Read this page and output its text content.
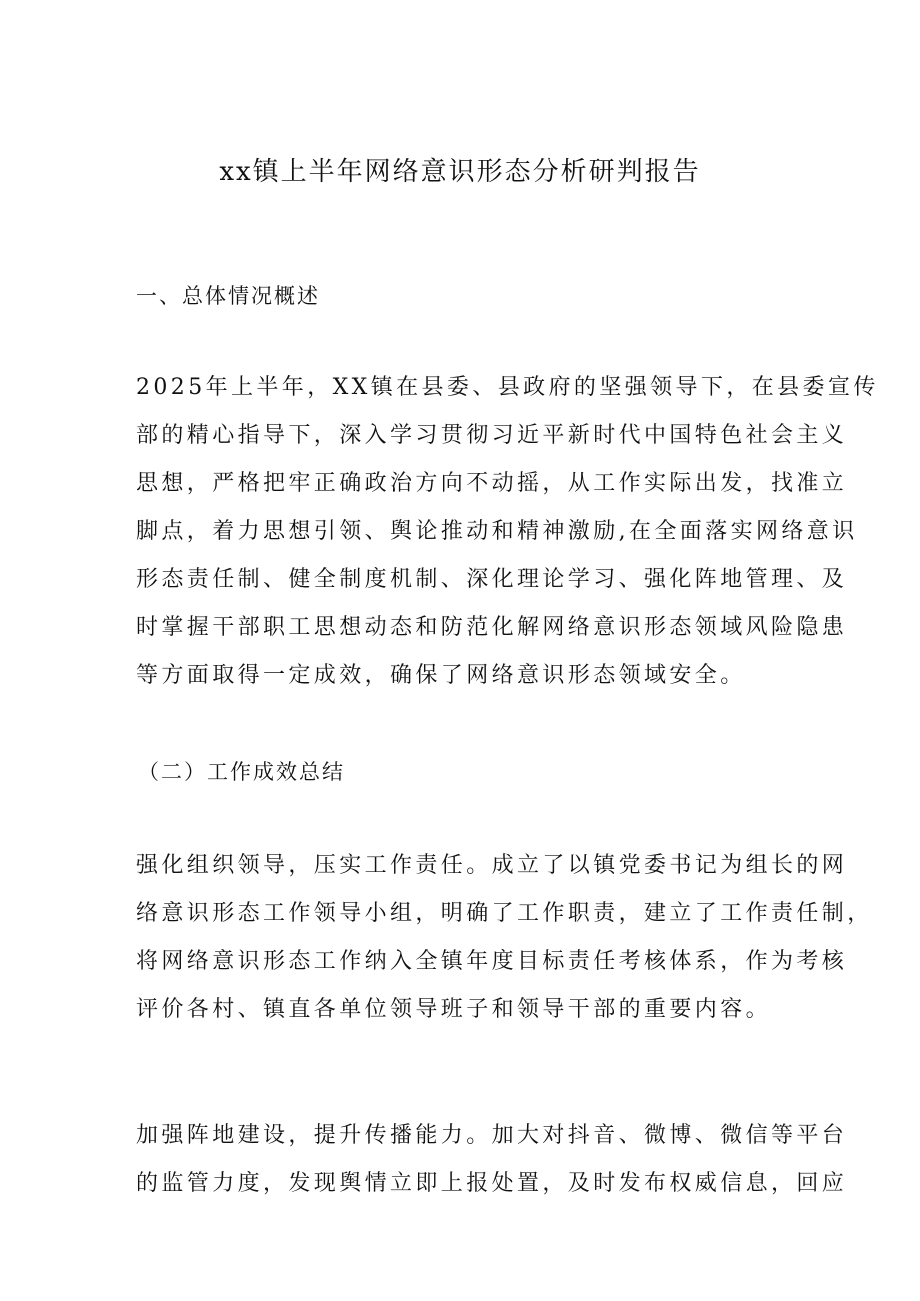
xx镇上半年网络意识形态分析研判报告
一、总体情况概述
2025年上半年，XX镇在县委、县政府的坚强领导下，在县委宣传
部的精心指导下，深入学习贯彻习近平新时代中国特色社会主义
思想，严格把牢正确政治方向不动摇，从工作实际出发，找准立
脚点，着力思想引领、舆论推动和精神激励,在全面落实网络意识
形态责任制、健全制度机制、深化理论学习、强化阵地管理、及
时掌握干部职工思想动态和防范化解网络意识形态领域风险隐患
等方面取得一定成效，确保了网络意识形态领域安全。
（二）工作成效总结
强化组织领导，压实工作责任。成立了以镇党委书记为组长的网
络意识形态工作领导小组，明确了工作职责，建立了工作责任制，
将网络意识形态工作纳入全镇年度目标责任考核体系，作为考核
评价各村、镇直各单位领导班子和领导干部的重要内容。
加强阵地建设，提升传播能力。加大对抖音、微博、微信等平台
的监管力度，发现舆情立即上报处置，及时发布权威信息，回应
